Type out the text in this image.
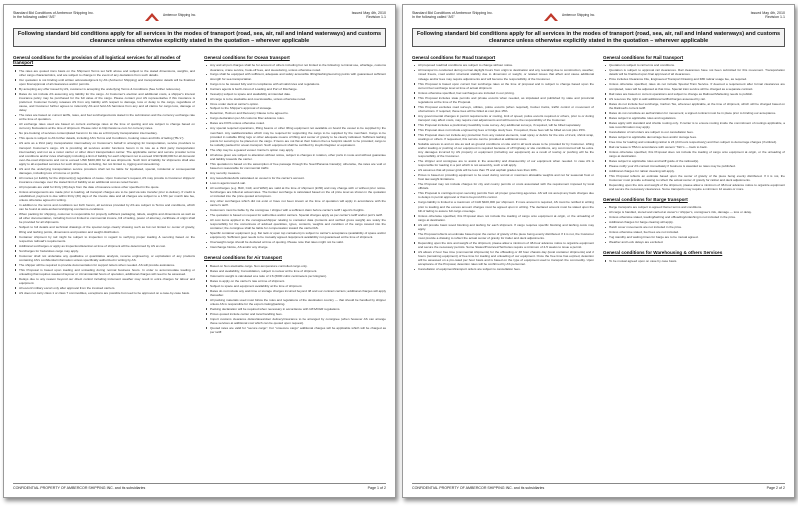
Standard Bid Conditions of Ambercor Shipping Inc.
In the following called “AS”
Ambercor Shipping Inc.	Issued May 4th, 2010
Revision 1.1
Following standard bid conditions apply for all services in the modes of transport (road, sea, air, rail and inland waterways) and customs clearance unless otherwise explicitly stated in the quotation – wherever applicable
General conditions for the provision of all logistical services for all modes of transport
The rates are quoted irons basis on the Shipment Terms set forth above and subject to the stated dimensions, weights, and other cargo characteristics, and are subject to change in the event of any deviations from such details.
Our quotation is not binding until written acknowledgment by AS (Ambercor Shipping) and transportation details will be finalized upon final approval of all clearances and/or permits.
By accepting any offer issued by AS, customer is accepting the underlying Terms & Conditions (See further reference).
Rates do not include AS assuming any liability for the cargo. At Customer's election and additional costs, a shipper's interest insurance policy may be purchased for the full value of the cargo. Please contact your AS representative if this insurance is preferred. Customer hereby releases AS from any liability with respect to damage, loss or delay to the cargo, regardless of cause, and Customer further agrees to indemnify AS and hold AS harmless from any and all claims for cargo loss, damage or delay.
The rates are based on current tariffs, rates, and fuel surcharges/costs stated in the submission and the currency exchange rate at the time of quotation.
All exchange rates used are based on current exchange rates at the time of quoting and are subject to change based on currency fluctuations at the time of shipment. Please refer to http://www.xe.com for currency rates.
No pre-booking of services contemplated herein in its role as a third party transportation intermediary.
This quote is subject to AS further details, including AS's Terms and Conditions, booking notes and bills of lading ("BL's").
AS acts as a third party transportation intermediary on Customer's behalf in arranging for transportation, service providers to transport Customer's cargo. AS is providing all services and/or functions herein in its role as a third party transportation intermediary and not as a motor carrier or other direct transportation carrier. The applicable carrier and service provider terms and conditions and/or rules shall apply including a limit of liability for each shipment not to exceed USD $100,000 for all domestic over-the-road shipments and not to exceed USD $100,000 for all sea shipments. Such limit of liability for shipments shall also apply to all expedited services for such shipments, including, but not limited to, rigging and stevedoring.
AS and the underlying transportation service providers shall not be liable for liquidated, special, incidental or consequential damages, including loss of income or profits.
All monies (or liability for the shipment(s)) regardless of cause. Upon Customer's request, AS may provide to Customer shippers' insurance coverage over the stated limit of liability at an additional cost as noted herein.
All proposals are valid for thirty (30) days from the date of issuance unless other specified in the quote.
Unless arrangements are made prior to loading, all transport charges are to be paid via wire transfer prior to delivery. If credit is established, payment is due within thirty (30) days of the invoice date and all charges are subject to a 1.5% per month late fee, unless otherwise agreed in writing.
In addition to the terms and conditions set forth herein, all services provided by AS are subject to Terms and conditions, which can be found at www.ambercorshipping.com/terms-conditions
When packing for shipping, customer is responsible for properly sufficient packaging, labels, weights and dimensions as well as all other documentation, including but not limited to commercial invoice, bill of lading, power of attorney, certificate of origin shall be provided for all shipments.
Subject to full details and technical drawings of the special cargo clearly showing such as but not limited to: center of gravity, lifting and lashing points, dimensions and position and weight distribution.
Container shipment by rail might be subject to inspection in regard to verifying proper loading & securing based on the respective railroad's requirements.
Additional surcharges or apply as Inspection/detention at time of shipment will be determined by AS at cost.
Surcharges for hazardous cargo may apply.
Customer shall not undertake any qualitative or quantitative analysis, reverse engineering, or exploitation of any products containing AS's confidential information unless specifically authorized in writing by AS.
The shipper will be required to provide documentation for support letters when needed. AS will provide assistance.
This Proposal is based upon loading and unloading during normal business hours. In order to accommodate loading or unloading that requires weekend layover or circumstantial hours of operation, additional charges will need to be assessed.
Delays due to any reason beyond our direct control including inclement weather may result in extra charges for labour and equipment.
All escort/ military escort only after approval from the involved carriers.
AS does not carry class 1 or class 7 commodities, exceptions are possible but need to be approved on a case-by-case basis.
General conditions for Ocean transport
Any and all port charges shall be for account of others including but not limited to the following: terminal use, wharfage, customs clearance, crane service, hook-off fees, and stevedoring, unless otherwise noted.
Cargo shall be equipped with sufficient, adequate and safely accessible lifting/lashing/securing points with guaranteed sufficient strength for sea transportation.
Cargo is to be stowed fully and in compliance with all valid rules and regulations.
Carriers agents & berth-in/out of Loading and Port of Discharge.
Vessel(s) subject to space and availability at intended date.
All cargo is to be stackable and overstowable, unless otherwise noted.
Once under deck at carrier's option.
Subject to the Shipper's approval of stowage.
Detention, Hold-on and Recovery Clause to be agreed to.
Cargo declaration per AS customs filter advance rules.
Rates are FIOS unless otherwise noted.
Any special required operations, lifting beams or other lifting equipment not available on board the vessel to be supplied by the merchant. Any saddles/cradles which may be required for supporting the cargo to be supplied by the merchant. Cargo to be provided in suitable lifting lugs or other adequate means of lifting and center of gravity to be clearly indicated. Sufficient lashing points for securing to be placed on the cargo. If items are not flat at their bottom then a footprint sketch to be provided; cargo to be suitably packed for ocean transport. Such equipment shall be certified by Lloyds Register or equivalent.
The ship may be a geared vessel. Carrier's option may apply.
All above given are subject to alteration without notice, subject to changes in rotation, other ports in route and without guarantee and liability towards the carrier.
This quotation is based on the assumption of free passage through the Suez/Panama Canal(s); otherwise, the rates are void or based on reasonable for commercial traffic.
Any security measure.
Any taxes/duties/tolls calculated on vessel is for the carrier's account.
Loss is agents load & sail.
All surcharges (e.g. BAF, CAF, and WAR) are valid at the time of shipment (in/fill) and may change with or without prior notice. Surcharges are billed at actual rates. The bunker surcharge is calculated based on the oil price level as shown in the quotation or included into the price quoted at lumpsum.
Any other surcharges which did not exist or have not been known at the time of quotation will apply in accordance with the carrier's tariff.
Customers must be liable by the consignee / shipper with a sufficient claim before carrier's tariff / agent's freights.
The quotation is based on request for authorities and/or carriers. Special charges apply as per carrier's tariff and/or port's tariff.
All cost items applied to the consignee/shipper relating to container data (contents and verified gross weight) are solely the responsibility for the correctness of advised quantities, types, contents, weights and condition of the cargo stowed into the container; the consignee shall be liable for compensation toward the carrier/AS.
Specific container equipment (e.g. flat rack or open top containers) is subject to carrier's acceptance (availability of space and/or equipment). Sufficient gear needs to be mutually agreed. Equipment availability not guaranteed at the time of shipment.
Overweight cargo should be declared at time of quoting. Please note that rates might not be valid.
Interchange Notice, AS and/or any charge.
General conditions for Air transport
Based on Non-stackable cargo. Non-temperature controlled cargo only.
Rates and availability, Consolidation, subject to review at the time of shipment.
Volumetric weight is calculated at a ratio of 1:6 (6000 cubic centimeters per kilogram).
Rates to apply on the carrier's rate at time of shipment.
Subject to space and equipment availability at the time of shipment.
Rates do not include any wait time or storage charges incurred beyond 48 and our contract carriers; additional charges will apply thereafter.
All packing materials used must follow the rules and regulations of the destination country — that should be handled by shipper unless AS is responsible for the export crating/packing.
Packing declaration will be required when necessary in accordance with IATA/DGR regulations.
Prices quoted include carrier and local handling fees.
Import customs clearance duties/taxes/door delivery/insurance to be arranged by consignee (when however AS can arrange these services at additional cost which can be quoted upon request).
Quoted rates are valid for "secure cargo". For "unsecure cargo" additional charges will be applicable which will be charged as per tariff.
CONFIDENTIAL PROPERTY OF AMBERCOR SHIPPING INC. and its subsidiaries	Page 1 of 2
Standard Bid Conditions of Ambercor Shipping Inc.
In the following called “AS”
Ambercor Shipping Inc.	Issued May 4th, 2010
Revision 1.1
Following standard bid conditions apply for all services in the modes of transport (road, sea, air, rail and inland waterways) and customs clearance unless otherwise explicitly stated in the quotation – wherever applicable
General conditions for Road transport
All proposed road/rail conditions are subject to change without notice.
All transport is conducted during normal daylight hours from origin to destination and any rescaling due to construction, weather, mixed freeze, road and/or structural stability due to dimension or weight, or related issues that affect and cause additional mileage and/or fees may require adjustments and will become the responsibility of the Customer.
This Proposal is based upon current fuel surcharge rates at the time of proposal and is subject to change based upon the current fuel surcharge level at time of actual shipment.
Unless otherwise specified, fuel surcharges are included in our pricing.
This Proposal includes state permits and private escorts when needed, as stipulated and published by state and provincial regulations at the time of the Proposal.
This Proposal excludes road surveys, utilities, police escorts (when required), bucket trucks, traffic control or movement of obstructions. If required, these fees will be billed at cost plus 15%.
Any governmental changes in permit requirements or routing, limit of speed, police escorts required or others, prior to or during transport may affect costs, may require cost adjustments and will become the responsibility of the Customer.
This Proposal includes a preliminary feasibility route survey. Any additional surveys, if required, will be billed separately.
This Proposal does not include engineering fees or bridge study fees. If required, these fees will be billed at cost plus 15%.
This Proposal does not include any protection from any natural elements, road spray or debris for the size of truck, shrink wrap, coatings or others. If requested, this service can be provided at additional costs.
Suitable access to and on site as well as ground conditions on site and in all work areas to be provided for by Customer. Lifting and/or loading or pushing of our equipment is required because of off highway or site conditions, any cost incurred will be extra. Any damages incurred by AS property or equipment (including our equipment) as a result of towing or pushing will be the responsibility of the Customer.
The shipper and consignee are to assist in the assembly and disassembly of our equipment when needed. In case AS is responsible for loading in a port which is not assembly, such a will apply.
AS assumes that all power grids will be less than 75 and asphalt grades less than 10%.
Prices is based on providing equipment to be used during normal or maximum allowable weights and not for seasonal frost or frost law weight limitations.
The Proposal may not include charges for city and county permits or costs associated with the requirement imposed by local officials.
This Proposal is contingent upon securing permits from all proper governing agencies. AS will not accept any back charges due to delays in permit approval or that is beyond AS's control.
Cargo liability is limited to a maximum of CAD $100,000 per shipment. If more amount is required, AS must be notified in writing prior to loading and the excess amount charges must be agreed upon in writing. The declared amount must be stated upon the bill of lading to assure full cargo coverage.
Unless otherwise specified, this Proposal does not include the loading of cargo onto equipment at origin, or the unloading of cargo at destination.
AS will provide basic wood blocking and lashing for each shipment. If cargo requires specific blocking and lashing costs may apply.
The Proposal reflects an estimate based upon the center of gravity of the piece being evenly distributed. If it is not, the Customer must provide a drawing to reflect the actual center of gravity for trailer and deck adjustments.
Depending upon the size and weight of the shipment, please allow a minimum of 48-hour advance notice to organize equipment and secure the necessary permits. Some States/Provinces/Territories require a minimum of 4-5 weeks to issue a permit.
AS allows 2 hour free time (commercial shipments) for the offloading or 48 hour chassis day (local container shipments) and 2 hours (remaining equipment) of free time for loading and unloading of our equipment. Once the free time has expired, detention will be assessed on a pro-rated per hour basis and is based on the type of equipment used to transport the commodity. Upon acceptance of the Proposal, detention rates will be confirmed by AS personnel.
Cancellation of equipment/transport orders are subject to cancellation fees.
General conditions for Rail transport
Quotation is subject to rail terms and conditions.
Quotation is subject to approval rail clearances. Rail clearances have not been submitted for this movement. Transportation details will be finalized upon final approval of all clearances.
Price includes Clearance File, Engineered Transport Drawing and IMD railcar usage fee, as required.
Unless otherwise specified, rates do not include Special Train Service. If deemed a requirement after formal clearances are completed, rates will be adjusted at that time. Special train service will be charged as a separate contract.
Rail rates are based on current operations and subject to change as Railroad Marketing needs to publish.
AS reserves the right to add additional tariffs/charges assessed by rail.
Rates do not include fuel surcharge, Carbon Tax, wherever applicable, at the time of shipment, which will be charged based on the Railroad's current tariff.
Rates do not constitute an authorization for movement; a signed contract must be in place prior to binding our acceptance.
Rates subject to applicable rules and regulations.
Rates apply with standard and shuttle routing only. If carrier is to ensure routing inside the commitment of routings applicable, a rate reconfirmation may apply.
Cancellation of rail orders are subject to our cancellation fees.
Rates subject to applicable demurrage fees and/or storage fees.
Free time for loading and unloading railcar is 24 (24 hours respectively) and then subject to demurrage charges (if utilized).
Rail car lease is TBA in accordance with owners' T&C's — back to back.
Unless otherwise specified, this Proposal does not include the loading of cargo onto equipment at origin, or the unloading of cargo at destination.
Rates subject to applicable rules and tariff guide of the railroad(s).
Please notify your AS contact immediately if business is awarded so rates may be published.
Additional charges for railcar cleaning will apply.
This Proposal reflects an estimate based upon the center of gravity of the piece being evenly distributed. If it is not, the Customer must provide a drawing to reflect the actual center of gravity for railcar and deck adjustments.
Depending upon the size and weight of the shipment, please allow a minimum of 48-hour advance notice to organize equipment and secure the necessary clearances. Some transports may require a minimum 12 weeks or more.
General conditions for Barge transport
Barge transports are subject to agreed Owner terms and conditions.
All cargo is handled, stored and carried at owner's / shipper's, consignee's risk, damage — loss or delay.
Unless otherwise stated, loading/lashing and offloading/unlashing is not included in the price.
Additional charges for barge clearing will apply.
Hatch cover movements are not included in the price.
Unless otherwise stated, fuel fees are not included.
Tug standby and waiting times for barge are to be mutual agreed.
Weather and Lock delays are excluded.
General conditions for Warehousing & others Services
To be mutual agreed upon on case by case basis.
CONFIDENTIAL PROPERTY OF AMBERCOR SHIPPING INC. and its subsidiaries	Page 2 of 2
